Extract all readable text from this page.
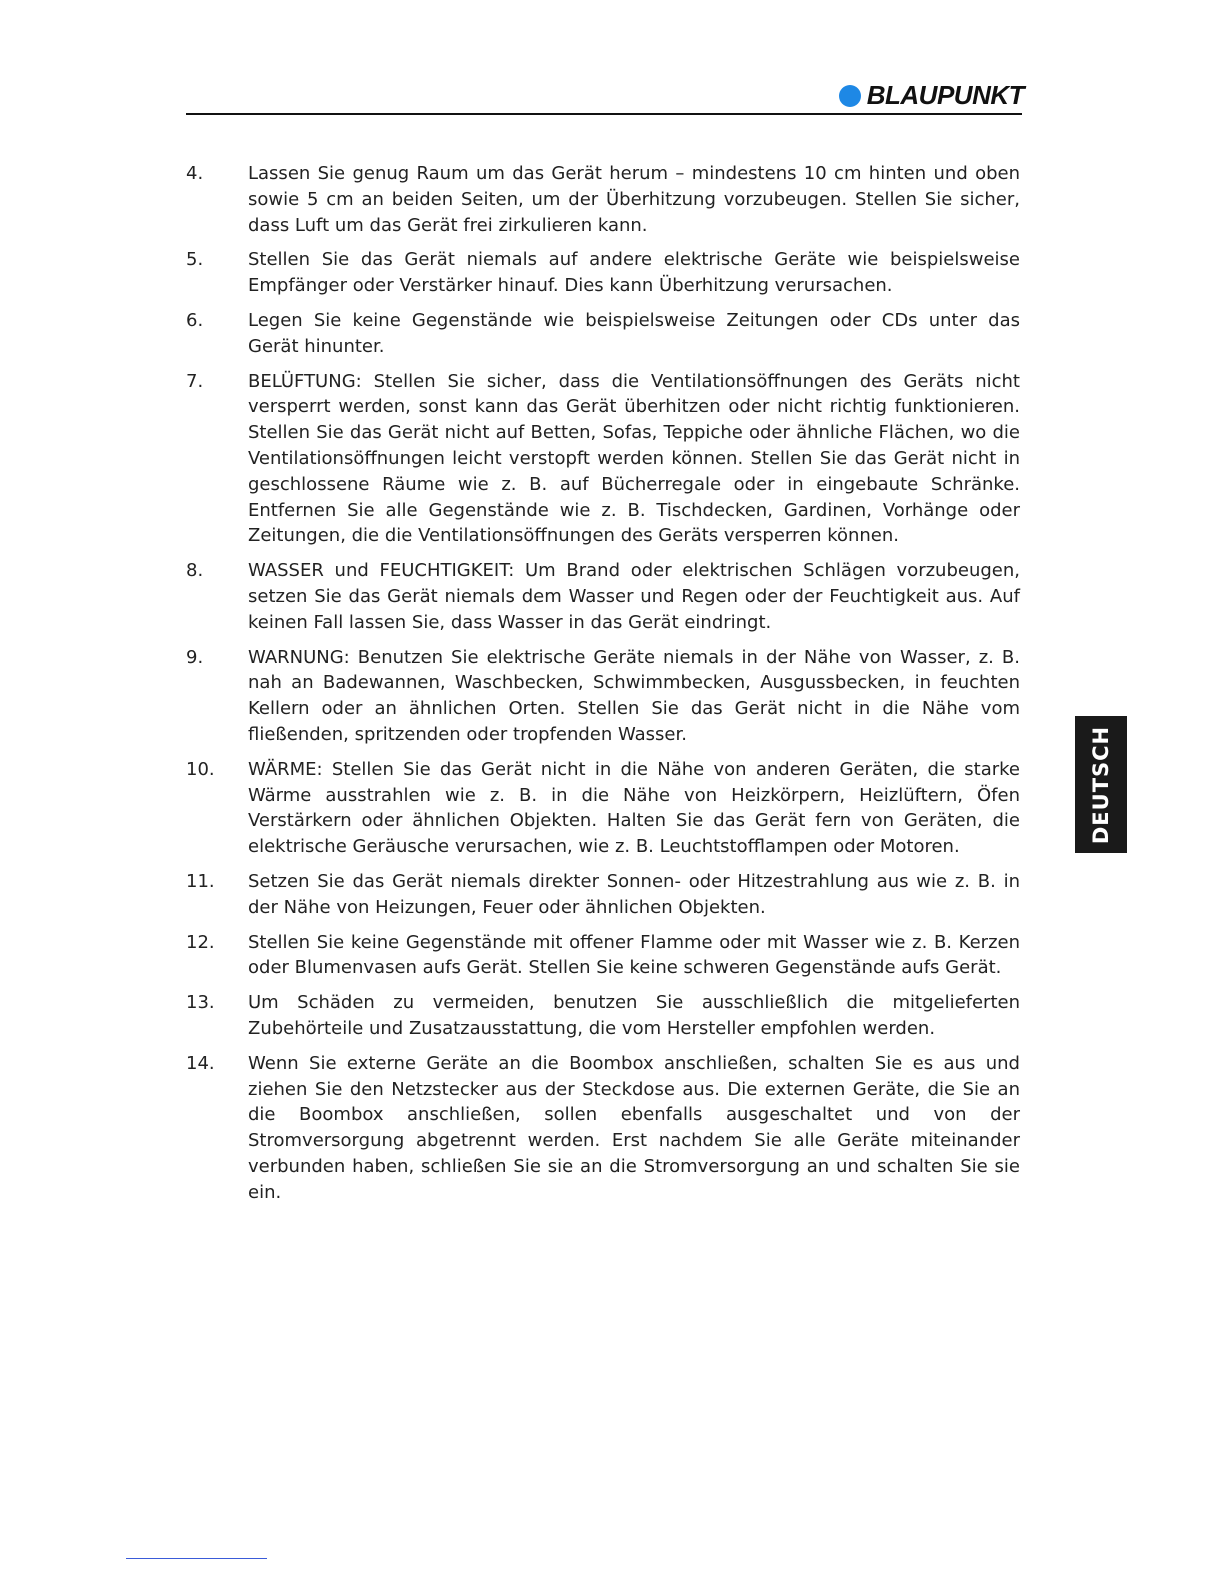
BLAUPUNKT
4.	Lassen Sie genug Raum um das Gerät herum – mindestens 10 cm hinten und oben sowie 5 cm an beiden Seiten, um der Überhitzung vorzubeugen. Stellen Sie sicher, dass Luft um das Gerät frei zirkulieren kann.
5.	Stellen Sie das Gerät niemals auf andere elektrische Geräte wie beispielsweise Empfänger oder Verstärker hinauf. Dies kann Überhitzung verursachen.
6.	Legen Sie keine Gegenstände wie beispielsweise Zeitungen oder CDs unter das Gerät hinunter.
7.	BELÜFTUNG: Stellen Sie sicher, dass die Ventilationsöffnungen des Geräts nicht versperrt werden, sonst kann das Gerät überhitzen oder nicht richtig funktionieren. Stellen Sie das Gerät nicht auf Betten, Sofas, Teppiche oder ähnliche Flächen, wo die Ventilationsöffnungen leicht verstopft werden können. Stellen Sie das Gerät nicht in geschlossene Räume wie z. B. auf Bücherregale oder in eingebaute Schränke. Entfernen Sie alle Gegenstände wie z. B. Tischdecken, Gardinen, Vorhänge oder Zeitungen, die die Ventilationsöffnungen des Geräts versperren können.
8.	WASSER und FEUCHTIGKEIT: Um Brand oder elektrischen Schlägen vorzubeugen, setzen Sie das Gerät niemals dem Wasser und Regen oder der Feuchtigkeit aus. Auf keinen Fall lassen Sie, dass Wasser in das Gerät eindringt.
9.	WARNUNG: Benutzen Sie elektrische Geräte niemals in der Nähe von Wasser, z. B. nah an Badewannen, Waschbecken, Schwimmbecken, Ausgussbecken, in feuchten Kellern oder an ähnlichen Orten. Stellen Sie das Gerät nicht in die Nähe vom fließenden, spritzenden oder tropfenden Wasser.
10.	WÄRME: Stellen Sie das Gerät nicht in die Nähe von anderen Geräten, die starke Wärme ausstrahlen wie z. B. in die Nähe von Heizkörpern, Heizlüftern, Öfen Verstärkern oder ähnlichen Objekten. Halten Sie das Gerät fern von Geräten, die elektrische Geräusche verursachen, wie z. B. Leuchtstofflampen oder Motoren.
11.	Setzen Sie das Gerät niemals direkter Sonnen- oder Hitzestrahlung aus wie z. B. in der Nähe von Heizungen, Feuer oder ähnlichen Objekten.
12.	Stellen Sie keine Gegenstände mit offener Flamme oder mit Wasser wie z. B. Kerzen oder Blumenvasen aufs Gerät. Stellen Sie keine schweren Gegenstände aufs Gerät.
13.	Um Schäden zu vermeiden, benutzen Sie ausschließlich die mitgelieferten Zubehörteile und Zusatzausstattung, die vom Hersteller empfohlen werden.
14.	Wenn Sie externe Geräte an die Boombox anschließen, schalten Sie es aus und ziehen Sie den Netzstecker aus der Steckdose aus. Die externen Geräte, die Sie an die Boombox anschließen, sollen ebenfalls ausgeschaltet und von der Stromversorgung abgetrennt werden. Erst nachdem Sie alle Geräte miteinander verbunden haben, schließen Sie sie an die Stromversorgung an und schalten Sie sie ein.
DEUTSCH
